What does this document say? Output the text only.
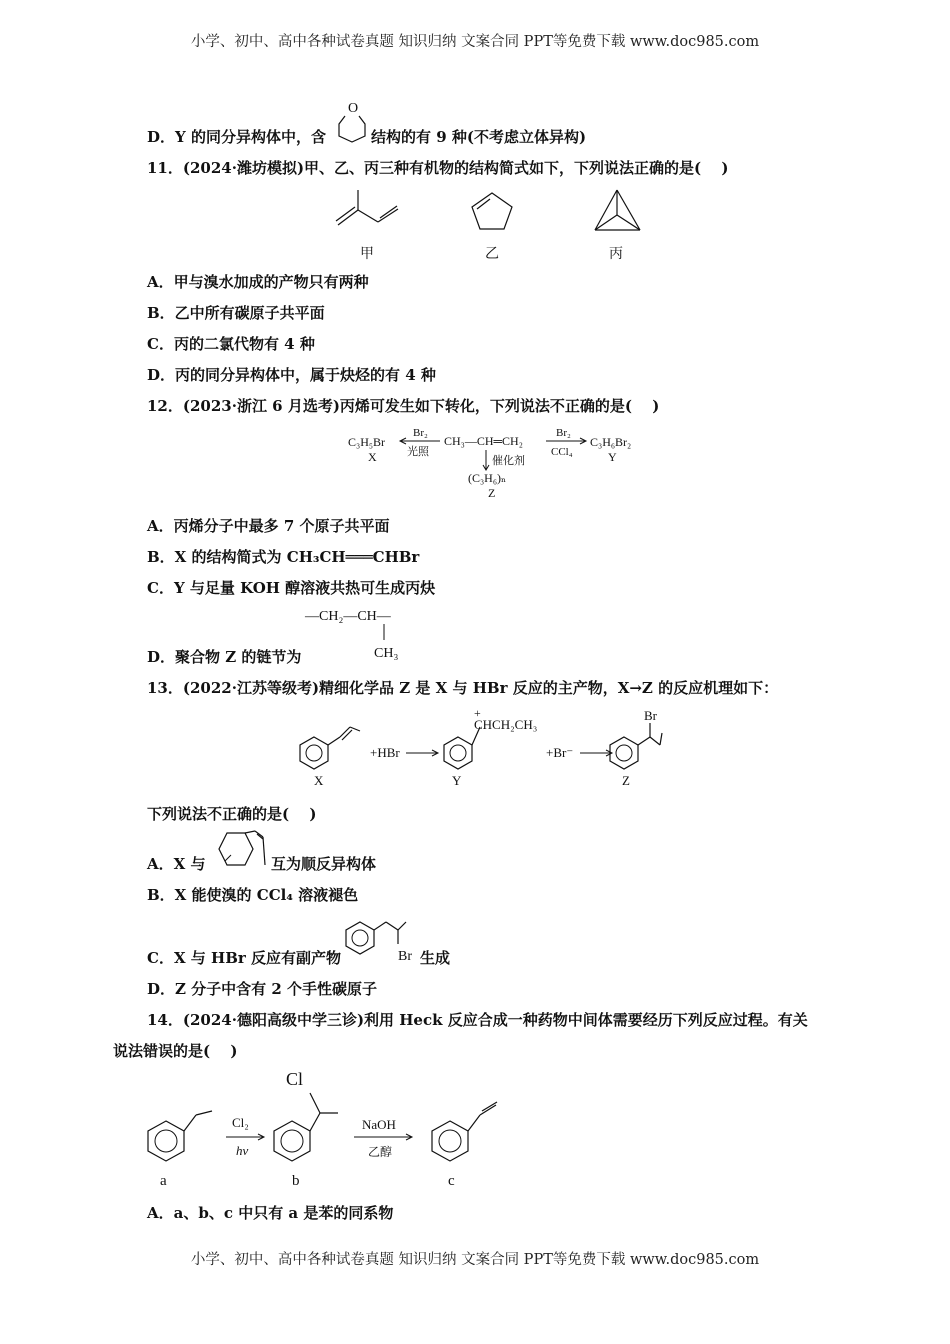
小学、初中、高中各种试卷真题 知识归纳 文案合同 PPT等免费下载 www.doc985.com
小学、初中、高中各种试卷真题 知识归纳 文案合同 PPT等免费下载 www.doc985.com
D．Y 的同分异构体中，含
O
结构的有 9 种(不考虑立体异构)
11．(2024·潍坊模拟)甲、乙、丙三种有机物的结构简式如下，下列说法正确的是(　 )
甲	乙	丙
A．甲与溴水加成的产物只有两种
B．乙中所有碳原子共平面
C．丙的二氯代物有 4 种
D．丙的同分异构体中，属于炔烃的有 4 种
12．(2023·浙江 6 月选考)丙烯可发生如下转化，下列说法不正确的是(　 )
C₃H₅Br
X
Br₂
光照
CH₃—CH═CH₂
Br₂
CCl₄
C₃H₆Br₂
Y
催化剂
(C₃H₆)ₙ
Z
A．丙烯分子中最多 7 个原子共平面
B．X 的结构简式为 CH₃CH═══CHBr
C．Y 与足量 KOH 醇溶液共热可生成丙炔
D．聚合物 Z 的链节为
—CH₂—CH—
CH₃
13．(2022·江苏等级考)精细化学品 Z 是 X 与 HBr 反应的主产物，X→Z 的反应机理如下：
X
+HBr
+
CHCH₂CH₃
Y
+Br⁻
Br
Z
下列说法不正确的是(　 )
A．X 与	互为顺反异构体
B．X 能使溴的 CCl₄ 溶液褪色
C．X 与 HBr 反应有副产物	Br 生成
D．Z 分子中含有 2 个手性碳原子
14．(2024·德阳高级中学三诊)利用 Heck 反应合成一种药物中间体需要经历下列反应过程。有关
说法错误的是(　 )
a
Cl₂
hν
Cl
b
NaOH
乙醇
c
A．a、b、c 中只有 a 是苯的同系物
